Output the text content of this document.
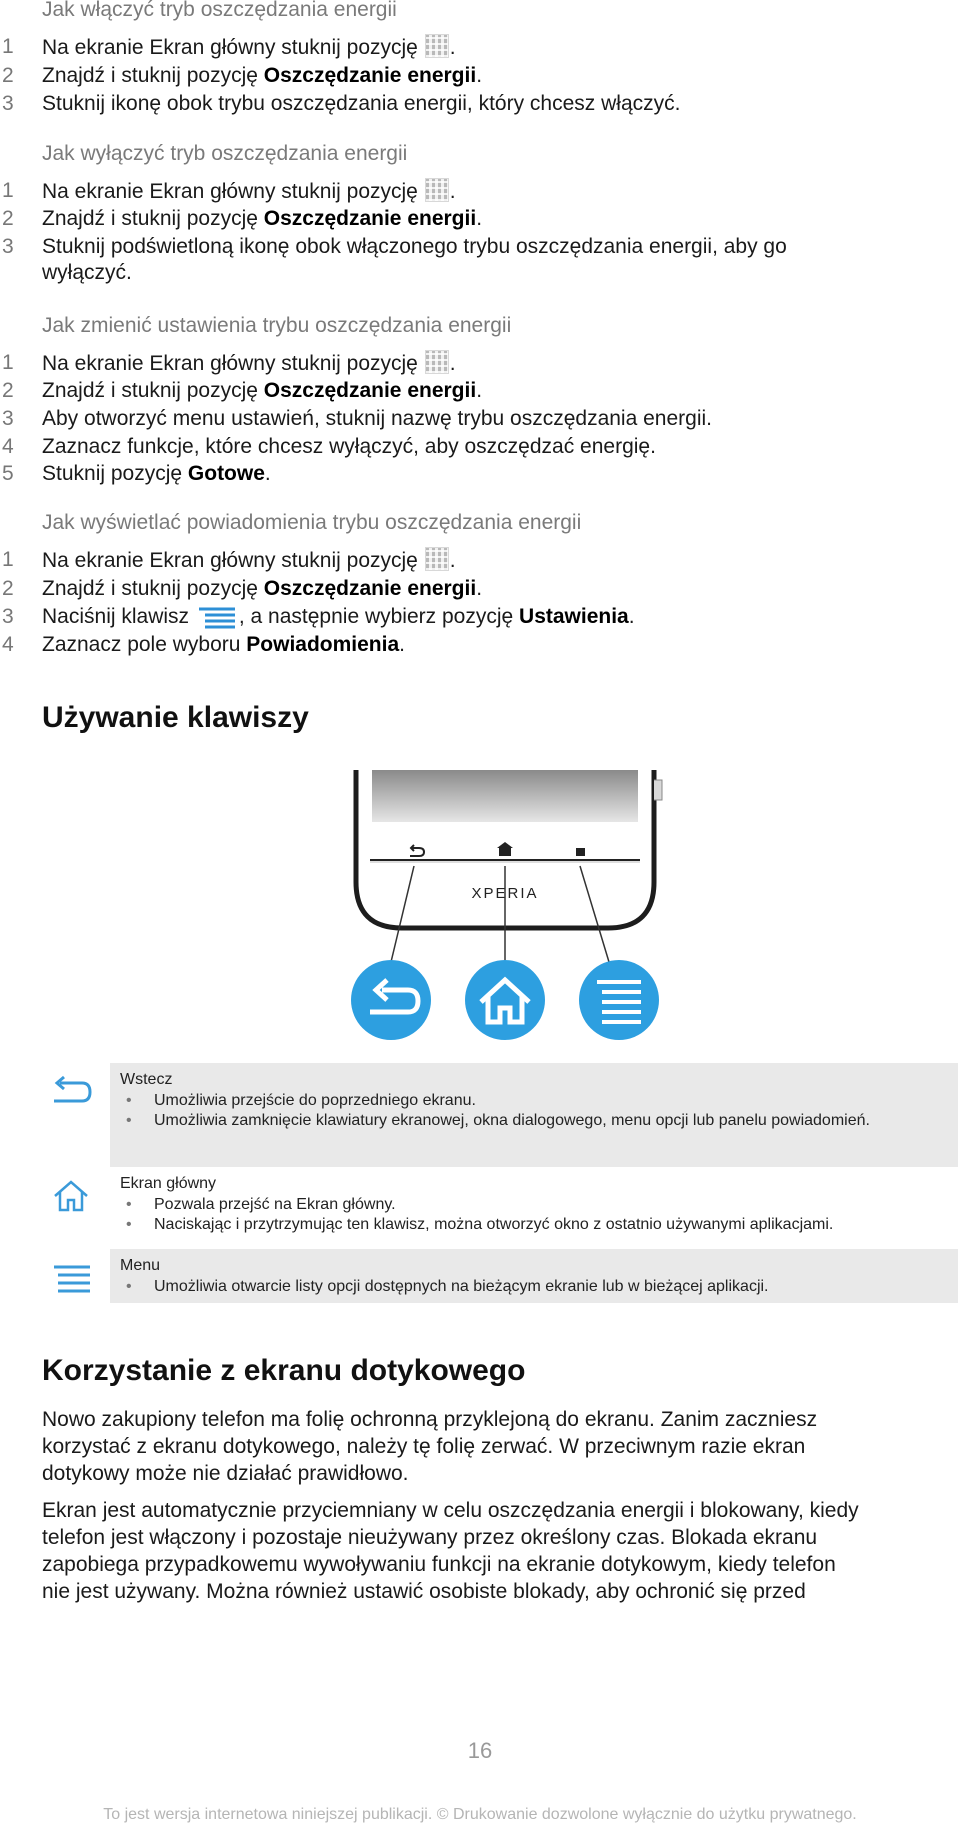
Jak włączyć tryb oszczędzania energii
1	Na ekranie Ekran główny stuknij pozycję .
2	Znajdź i stuknij pozycję Oszczędzanie energii.
3	Stuknij ikonę obok trybu oszczędzania energii, który chcesz włączyć.
Jak wyłączyć tryb oszczędzania energii
1	Na ekranie Ekran główny stuknij pozycję .
2	Znajdź i stuknij pozycję Oszczędzanie energii.
3	Stuknij podświetloną ikonę obok włączonego trybu oszczędzania energii, aby go
wyłączyć.
Jak zmienić ustawienia trybu oszczędzania energii
1	Na ekranie Ekran główny stuknij pozycję .
2	Znajdź i stuknij pozycję Oszczędzanie energii.
3	Aby otworzyć menu ustawień, stuknij nazwę trybu oszczędzania energii.
4	Zaznacz funkcje, które chcesz wyłączyć, aby oszczędzać energię.
5	Stuknij pozycję Gotowe.
Jak wyświetlać powiadomienia trybu oszczędzania energii
1	Na ekranie Ekran główny stuknij pozycję .
2	Znajdź i stuknij pozycję Oszczędzanie energii.
3	Naciśnij klawisz , a następnie wybierz pozycję Ustawienia.
4	Zaznacz pole wyboru Powiadomienia.
Używanie klawiszy
XPERIA
Wstecz
• Umożliwia przejście do poprzedniego ekranu.
• Umożliwia zamknięcie klawiatury ekranowej, okna dialogowego, menu opcji lub panelu powiadomień.
Ekran główny
• Pozwala przejść na Ekran główny.
• Naciskając i przytrzymując ten klawisz, można otworzyć okno z ostatnio używanymi aplikacjami.
Menu
• Umożliwia otwarcie listy opcji dostępnych na bieżącym ekranie lub w bieżącej aplikacji.
Korzystanie z ekranu dotykowego
Nowo zakupiony telefon ma folię ochronną przyklejoną do ekranu. Zanim zaczniesz
korzystać z ekranu dotykowego, należy tę folię zerwać. W przeciwnym razie ekran
dotykowy może nie działać prawidłowo.
Ekran jest automatycznie przyciemniany w celu oszczędzania energii i blokowany, kiedy
telefon jest włączony i pozostaje nieużywany przez określony czas. Blokada ekranu
zapobiega przypadkowemu wywoływaniu funkcji na ekranie dotykowym, kiedy telefon
nie jest używany. Można również ustawić osobiste blokady, aby ochronić się przed
16
To jest wersja internetowa niniejszej publikacji. © Drukowanie dozwolone wyłącznie do użytku prywatnego.
